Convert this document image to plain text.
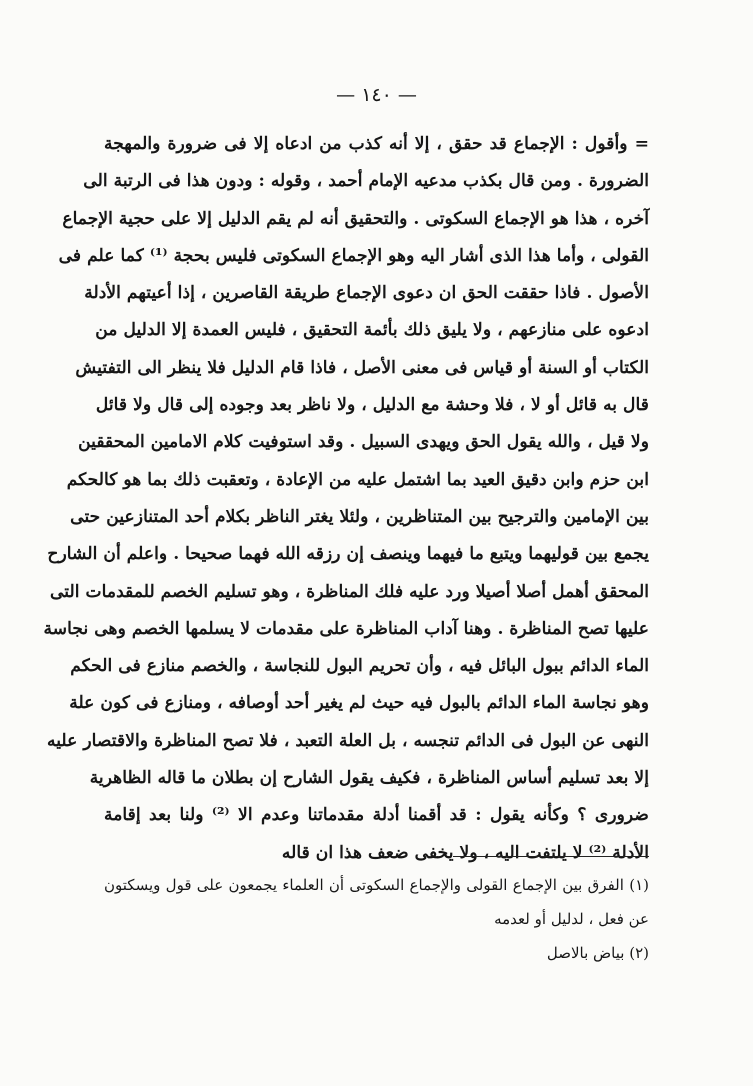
— ١٤٠ —
= وأقول : الإجماع قد حقق ، إلا أنه كذب من ادعاه إلا فى ضرورة والمهجة
الضرورة . ومن قال بكذب مدعيه الإمام أحمد ، وقوله : ودون هذا فى الرتبة الى
آخره ، هذا هو الإجماع السكوتى . والتحقيق أنه لم يقم الدليل إلا على حجية الإجماع
القولى ، وأما هذا الذى أشار اليه وهو الإجماع السكوتى فليس بحجة ⁽¹⁾ كما علم فى
الأصول . فاذا حققت الحق ان دعوى الإجماع طريقة القاصرين ، إذا أعيتهم الأدلة
ادعوه على منازعهم ، ولا يليق ذلك بأئمة التحقيق ، فليس العمدة إلا الدليل من
الكتاب أو السنة أو قياس فى معنى الأصل ، فاذا قام الدليل فلا ينظر الى التفتيش
قال به قائل أو لا ، فلا وحشة مع الدليل ، ولا ناظر بعد وجوده إلى قال ولا قائل
ولا قيل ، والله يقول الحق ويهدى السبيل . وقد استوفيت كلام الامامين المحققين
ابن حزم وابن دقيق العيد بما اشتمل عليه من الإعادة ، وتعقبت ذلك بما هو كالحكم
بين الإمامين والترجيح بين المتناظرين ، ولئلا يغتر الناظر بكلام أحد المتنازعين حتى
يجمع بين قوليهما ويتبع ما فيهما وينصف إن رزقه الله فهما صحيحا . واعلم أن الشارح
المحقق أهمل أصلا أصيلا ورد عليه فلك المناظرة ، وهو تسليم الخصم للمقدمات التى
عليها تصح المناظرة . وهنا آداب المناظرة على مقدمات لا يسلمها الخصم وهى نجاسة
الماء الدائم ببول البائل فيه ، وأن تحريم البول للنجاسة ، والخصم منازع فى الحكم
وهو نجاسة الماء الدائم بالبول فيه حيث لم يغير أحد أوصافه ، ومنازع فى كون علة
النهى عن البول فى الدائم تنجسه ، بل العلة التعبد ، فلا تصح المناظرة والاقتصار عليه
إلا بعد تسليم أساس المناظرة ، فكيف يقول الشارح إن بطلان ما قاله الظاهرية
ضرورى ؟ وكأنه يقول : قد أقمنا أدلة مقدماتنا وعدم الا ⁽²⁾ ولنا بعد إقامة
الأدلة ⁽²⁾ لا يلتفت اليه ، ولا يخفى ضعف هذا ان قاله
(١) الفرق بين الإجماع القولى والإجماع السكوتى أن العلماء يجمعون على قول ويسكتون
عن فعل ، لدليل أو لعدمه
(٢) بياض بالاصل
